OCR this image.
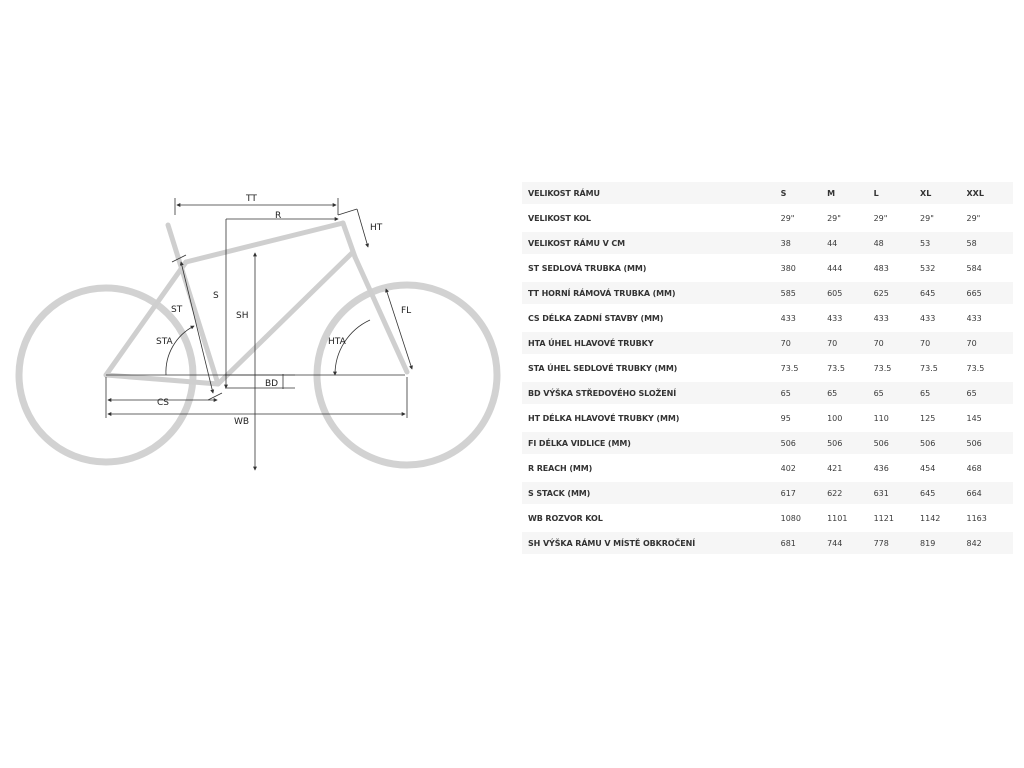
TT
R
HT
S
SH
ST
STA
FL
HTA
BD
CS
WB
VELIKOST RÁMU	S	M	L	XL	XXL
VELIKOST KOL	29"	29"	29"	29"	29"
VELIKOST RÁMU V CM	38	44	48	53	58
ST SEDLOVÁ TRUBKA (MM)	380	444	483	532	584
TT HORNÍ RÁMOVÁ TRUBKA (MM)	585	605	625	645	665
CS DÉLKA ZADNÍ STAVBY (MM)	433	433	433	433	433
HTA ÚHEL HLAVOVÉ TRUBKY	70	70	70	70	70
STA ÚHEL SEDLOVÉ TRUBKY (MM)	73.5	73.5	73.5	73.5	73.5
BD VÝŠKA STŘEDOVÉHO SLOŽENÍ	65	65	65	65	65
HT DÉLKA HLAVOVÉ TRUBKY (MM)	95	100	110	125	145
FI DÉLKA VIDLICE (MM)	506	506	506	506	506
R REACH (MM)	402	421	436	454	468
S STACK (MM)	617	622	631	645	664
WB ROZVOR KOL	1080	1101	1121	1142	1163
SH VÝŠKA RÁMU V MÍSTĚ OBKROČENÍ	681	744	778	819	842
